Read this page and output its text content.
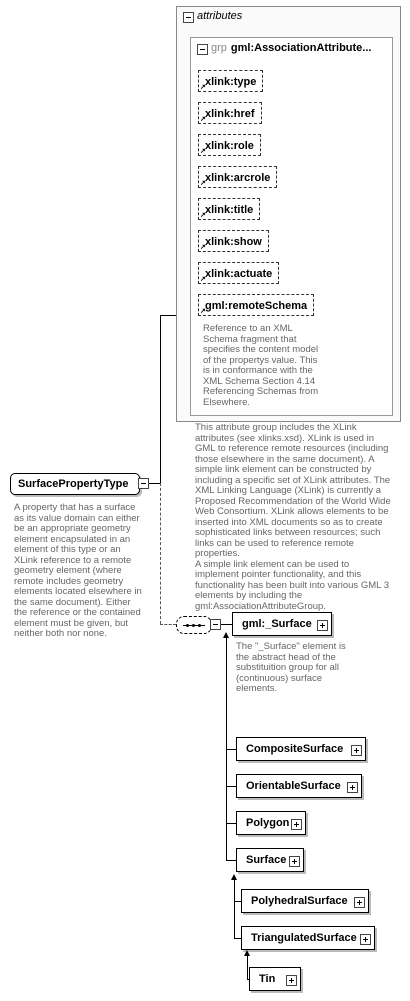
attributes
grp gml:AssociationAttribute...
xlink:type
↗
xlink:href
↗
xlink:role
↗
xlink:arcrole
↗
xlink:title
↗
xlink:show
↗
xlink:actuate
↗
gml:remoteSchema
↗
Reference to an XML Schema fragment that specifies the content model of the propertys value. This is in conformance with the XML Schema Section 4.14 Referencing Schemas from Elsewhere.
This attribute group includes the XLink attributes (see xlinks.xsd). XLink is used in GML to reference remote resources (including those elsewhere in the same document). A simple link element can be constructed by including a specific set of XLink attributes. The XML Linking Language (XLink) is currently a Proposed Recommendation of the World Wide Web Consortium. XLink allows elements to be inserted into XML documents so as to create sophisticated links between resources; such links can be used to reference remote properties.
A simple link element can be used to implement pointer functionality, and this functionality has been built into various GML 3 elements by including the gml:AssociationAttributeGroup.
SurfacePropertyType
A property that has a surface as its value domain can either be an appropriate geometry element encapsulated in an element of this type or an XLink reference to a remote geometry element (where remote includes geometry elements located elsewhere in the same document). Either the reference or the contained element must be given, but neither both nor none.
gml:_Surface
The "_Surface" element is the abstract head of the substituition group for all (continuous) surface elements.
CompositeSurface
OrientableSurface
Polygon
Surface
PolyhedralSurface
TriangulatedSurface
Tin
